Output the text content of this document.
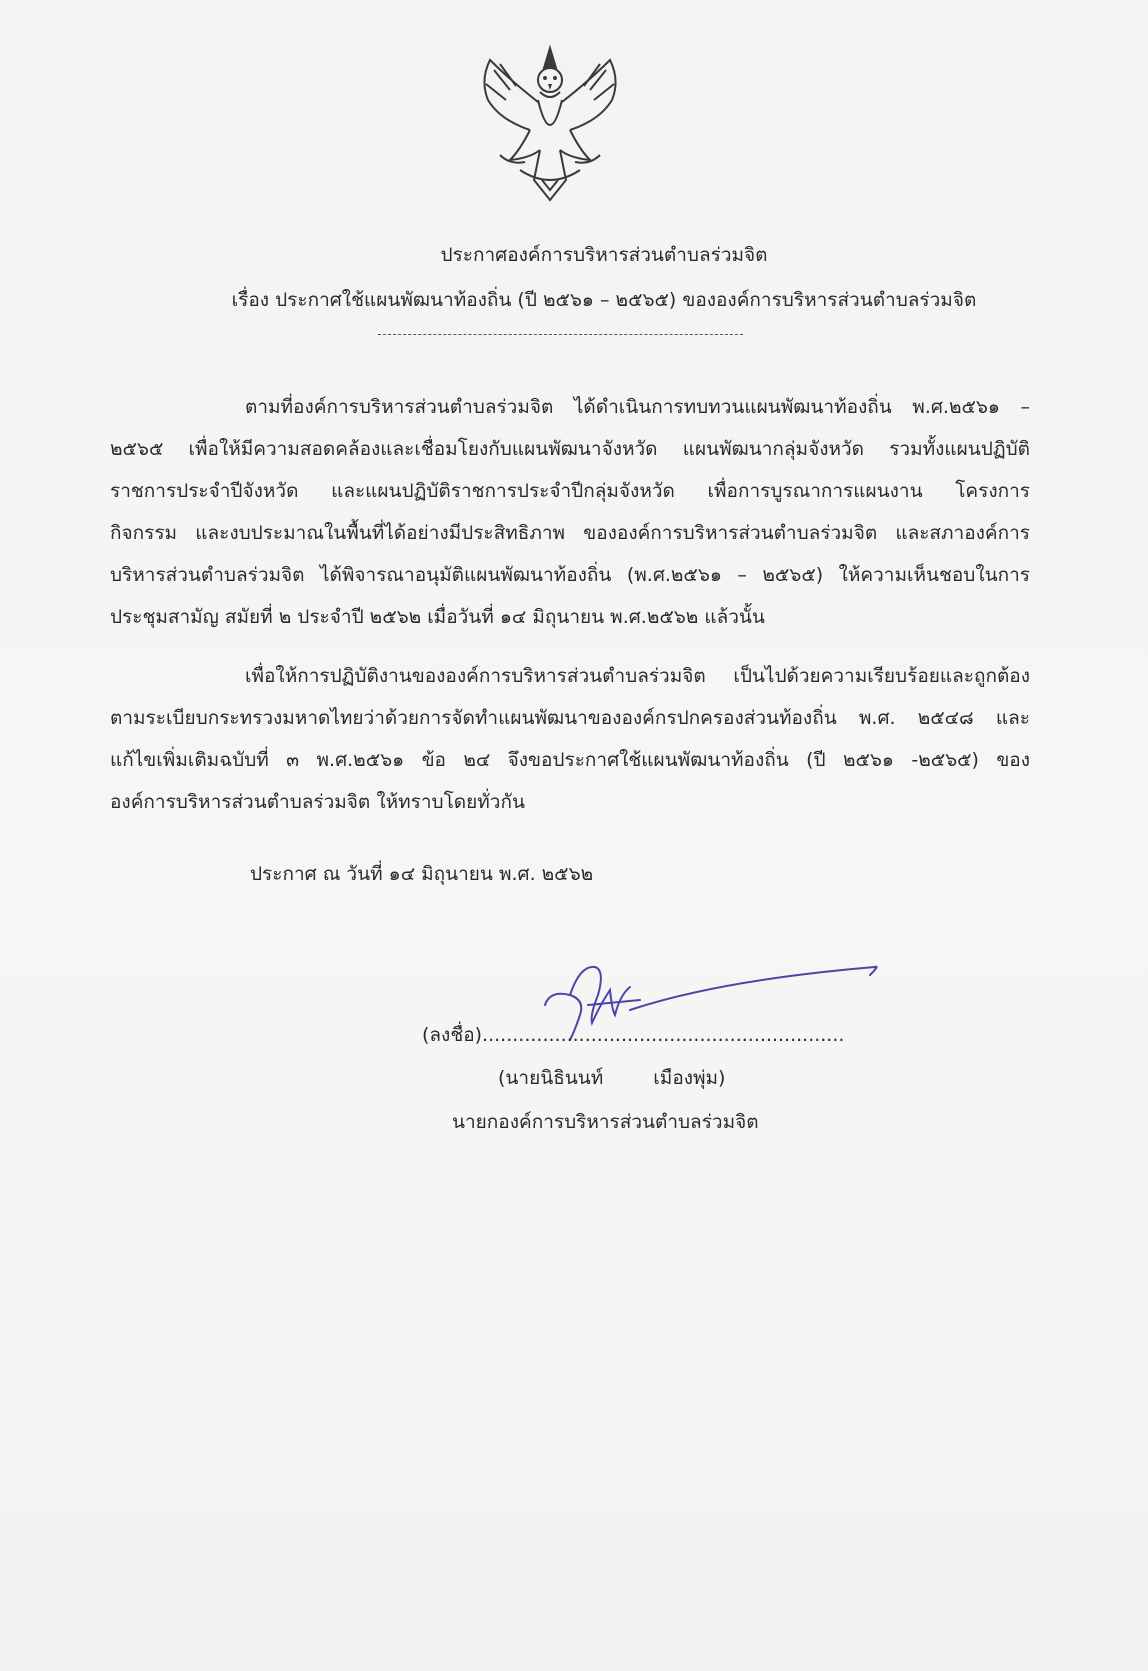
ประกาศองค์การบริหารส่วนตำบลร่วมจิต
เรื่อง ประกาศใช้แผนพัฒนาท้องถิ่น (ปี ๒๕๖๑ – ๒๕๖๕) ขององค์การบริหารส่วนตำบลร่วมจิต

ตามที่องค์การบริหารส่วนตำบลร่วมจิต ได้ดำเนินการทบทวนแผนพัฒนาท้องถิ่น พ.ศ.๒๕๖๑ –

๒๕๖๕ เพื่อให้มีความสอดคล้องและเชื่อมโยงกับแผนพัฒนาจังหวัด แผนพัฒนากลุ่มจังหวัด รวมทั้งแผนปฏิบัติ

ราชการประจำปีจังหวัด และแผนปฏิบัติราชการประจำปีกลุ่มจังหวัด เพื่อการบูรณาการแผนงาน โครงการ

กิจกรรม และงบประมาณในพื้นที่ได้อย่างมีประสิทธิภาพ ขององค์การบริหารส่วนตำบลร่วมจิต และสภาองค์การ

บริหารส่วนตำบลร่วมจิต ได้พิจารณาอนุมัติแผนพัฒนาท้องถิ่น (พ.ศ.๒๕๖๑ – ๒๕๖๕) ให้ความเห็นชอบในการ

ประชุมสามัญ สมัยที่ ๒ ประจำปี ๒๕๖๒ เมื่อวันที่ ๑๔ มิถุนายน พ.ศ.๒๕๖๒ แล้วนั้น

เพื่อให้การปฏิบัติงานขององค์การบริหารส่วนตำบลร่วมจิต เป็นไปด้วยความเรียบร้อยและถูกต้อง

ตามระเบียบกระทรวงมหาดไทยว่าด้วยการจัดทำแผนพัฒนาขององค์กรปกครองส่วนท้องถิ่น พ.ศ. ๒๕๔๘ และ

แก้ไขเพิ่มเติมฉบับที่ ๓ พ.ศ.๒๕๖๑ ข้อ ๒๔ จึงขอประกาศใช้แผนพัฒนาท้องถิ่น (ปี ๒๕๖๑ -๒๕๖๕) ของ

องค์การบริหารส่วนตำบลร่วมจิต ให้ทราบโดยทั่วกัน

ประกาศ ณ วันที่ ๑๔ มิถุนายน พ.ศ. ๒๕๖๒
(ลงชื่อ)............................................................
(นายนิธินนท์	เมืองพุ่ม)
นายกองค์การบริหารส่วนตำบลร่วมจิต
